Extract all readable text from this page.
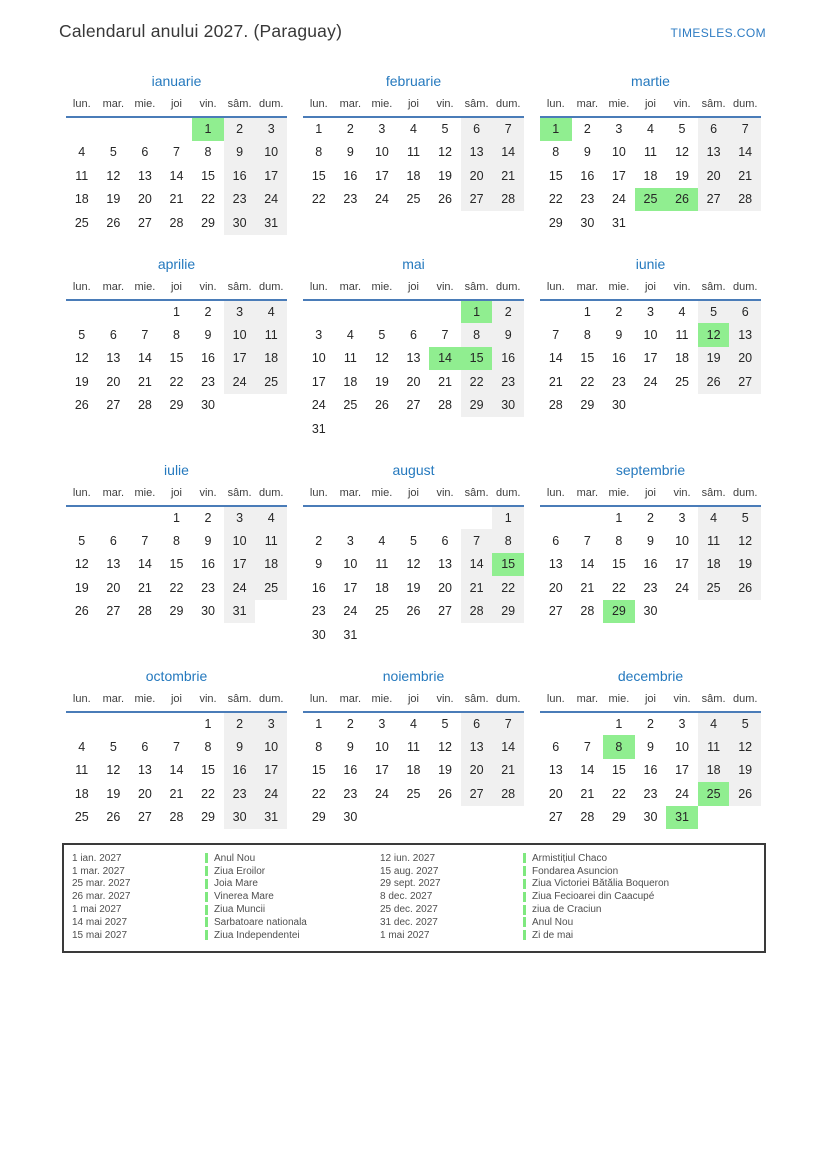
Calendarul anului 2027. (Paraguay)	TIMESLES.COM
ianuarie
lun.	mar.	mie.	joi	vin.	sâm.	dum.
				1	2	3
4	5	6	7	8	9	10
11	12	13	14	15	16	17
18	19	20	21	22	23	24
25	26	27	28	29	30	31
februarie
lun.	mar.	mie.	joi	vin.	sâm.	dum.
1	2	3	4	5	6	7
8	9	10	11	12	13	14
15	16	17	18	19	20	21
22	23	24	25	26	27	28
martie
lun.	mar.	mie.	joi	vin.	sâm.	dum.
1	2	3	4	5	6	7
8	9	10	11	12	13	14
15	16	17	18	19	20	21
22	23	24	25	26	27	28
29	30	31				
aprilie
lun.	mar.	mie.	joi	vin.	sâm.	dum.
			1	2	3	4
5	6	7	8	9	10	11
12	13	14	15	16	17	18
19	20	21	22	23	24	25
26	27	28	29	30		
mai
lun.	mar.	mie.	joi	vin.	sâm.	dum.
					1	2
3	4	5	6	7	8	9
10	11	12	13	14	15	16
17	18	19	20	21	22	23
24	25	26	27	28	29	30
31						
iunie
lun.	mar.	mie.	joi	vin.	sâm.	dum.
	1	2	3	4	5	6
7	8	9	10	11	12	13
14	15	16	17	18	19	20
21	22	23	24	25	26	27
28	29	30				
iulie
lun.	mar.	mie.	joi	vin.	sâm.	dum.
			1	2	3	4
5	6	7	8	9	10	11
12	13	14	15	16	17	18
19	20	21	22	23	24	25
26	27	28	29	30	31	
august
lun.	mar.	mie.	joi	vin.	sâm.	dum.
						1
2	3	4	5	6	7	8
9	10	11	12	13	14	15
16	17	18	19	20	21	22
23	24	25	26	27	28	29
30	31					
septembrie
lun.	mar.	mie.	joi	vin.	sâm.	dum.
		1	2	3	4	5
6	7	8	9	10	11	12
13	14	15	16	17	18	19
20	21	22	23	24	25	26
27	28	29	30			
octombrie
lun.	mar.	mie.	joi	vin.	sâm.	dum.
				1	2	3
4	5	6	7	8	9	10
11	12	13	14	15	16	17
18	19	20	21	22	23	24
25	26	27	28	29	30	31
noiembrie
lun.	mar.	mie.	joi	vin.	sâm.	dum.
1	2	3	4	5	6	7
8	9	10	11	12	13	14
15	16	17	18	19	20	21
22	23	24	25	26	27	28
29	30					
decembrie
lun.	mar.	mie.	joi	vin.	sâm.	dum.
		1	2	3	4	5
6	7	8	9	10	11	12
13	14	15	16	17	18	19
20	21	22	23	24	25	26
27	28	29	30	31		
1 ian. 2027	Anul Nou	12 iun. 2027	Armistițiul Chaco
1 mar. 2027	Ziua Eroilor	15 aug. 2027	Fondarea Asuncion
25 mar. 2027	Joia Mare	29 sept. 2027	Ziua Victoriei Bătălia Boqueron
26 mar. 2027	Vinerea Mare	8 dec. 2027	Ziua Fecioarei din Caacupé
1 mai 2027	Ziua Muncii	25 dec. 2027	ziua de Craciun
14 mai 2027	Sarbatoare nationala	31 dec. 2027	Anul Nou
15 mai 2027	Ziua Independentei	1 mai 2027	Zi de mai
